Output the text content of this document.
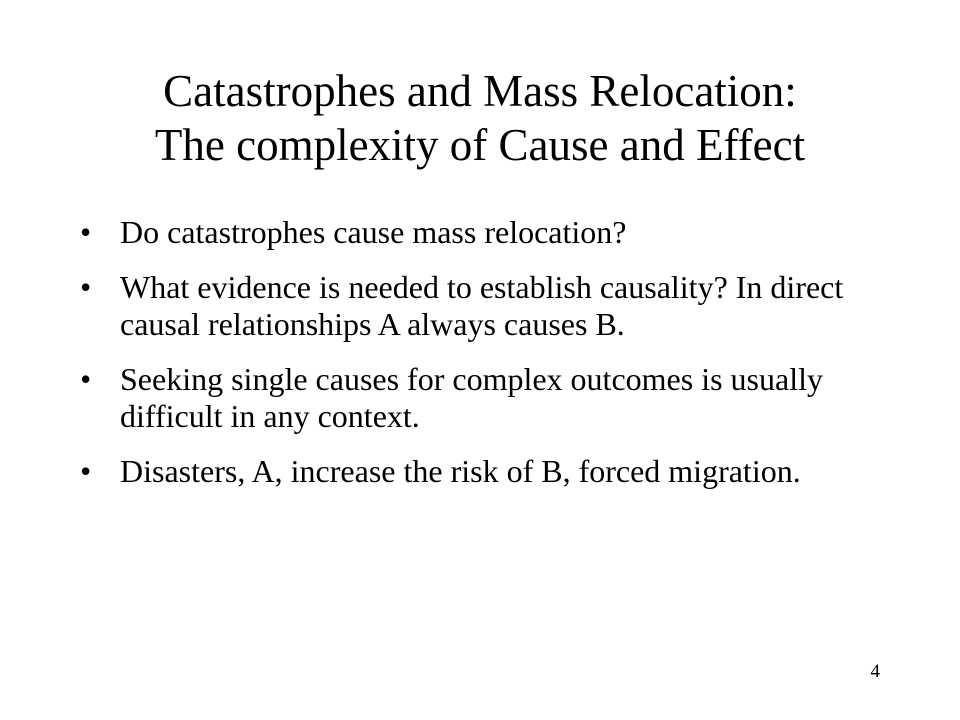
Catastrophes and Mass Relocation:
The complexity of Cause and Effect
• Do catastrophes cause mass relocation?
• What evidence is needed to establish causality? In direct causal relationships A always causes B.
• Seeking single causes for complex outcomes is usually difficult in any context.
• Disasters, A, increase the risk of B, forced migration.
4
